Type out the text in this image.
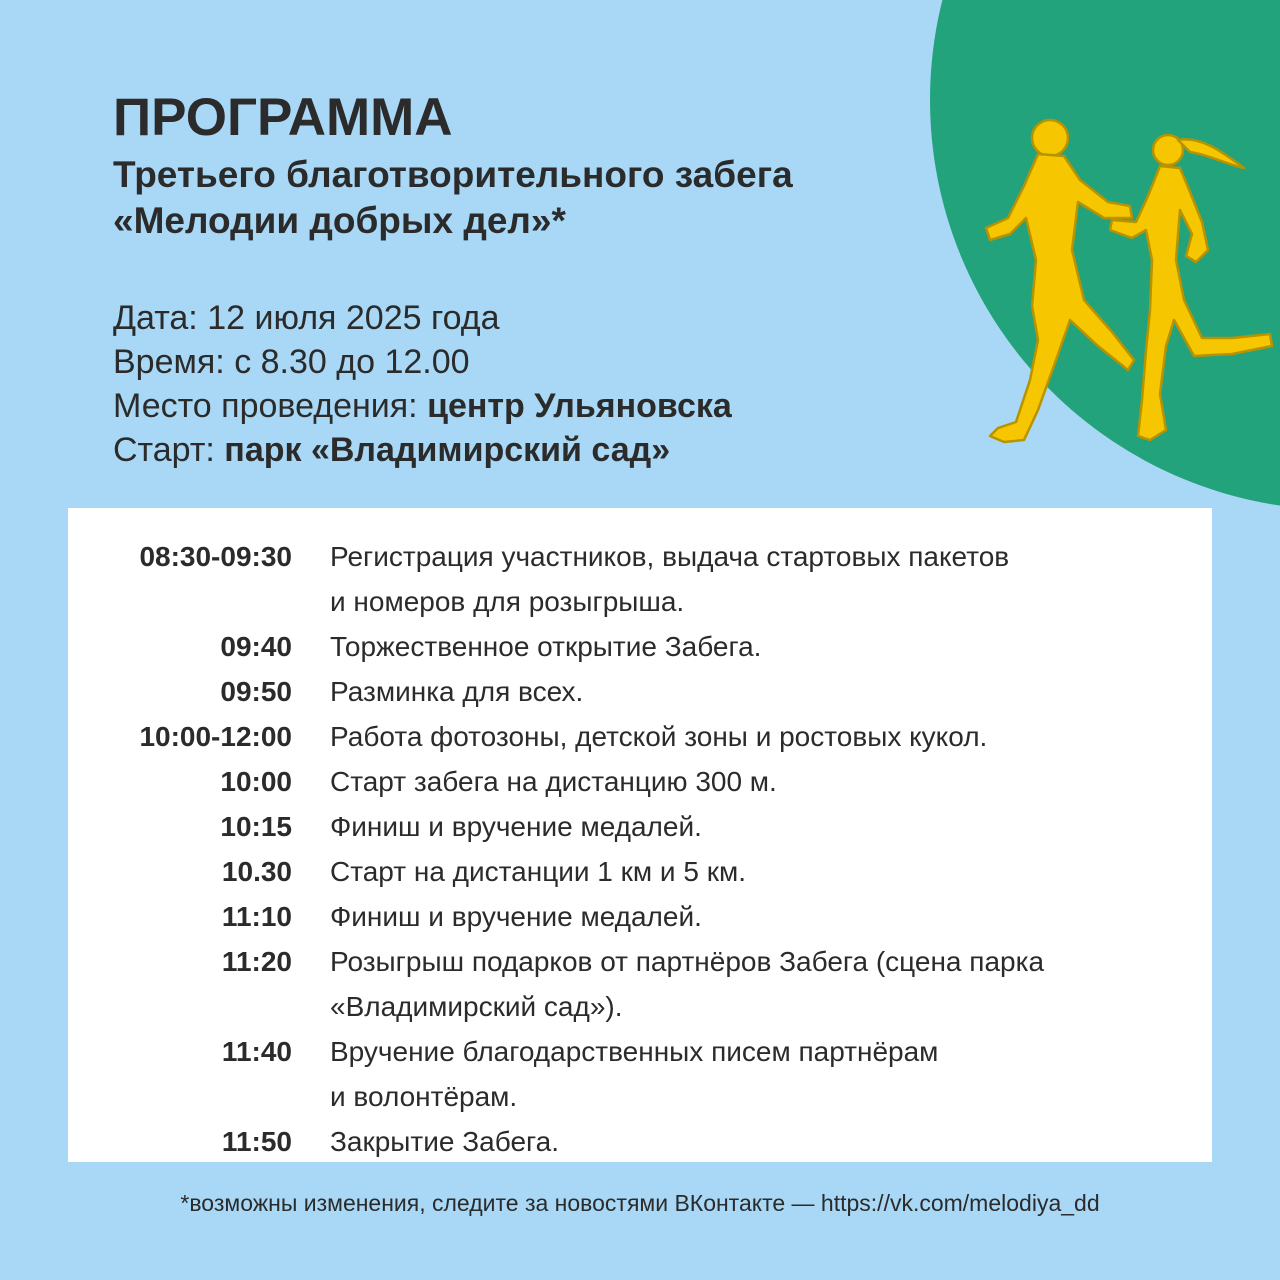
ПРОГРАММА
Третьего благотворительного забега
«Мелодии добрых дел»*
Дата: 12 июля 2025 года
Время: с 8.30 до 12.00
Место проведения: центр Ульяновска
Старт: парк «Владимирский сад»
08:30-09:30 Регистрация участников, выдача стартовых пакетов
и номеров для розыгрыша.
09:40 Торжественное открытие Забега.
09:50 Разминка для всех.
10:00-12:00 Работа фотозоны, детской зоны и ростовых кукол.
10:00 Старт забега на дистанцию 300 м.
10:15 Финиш и вручение медалей.
10.30 Старт на дистанции 1 км и 5 км.
11:10 Финиш и вручение медалей.
11:20 Розыгрыш подарков от партнёров Забега (сцена парка
«Владимирский сад»).
11:40 Вручение благодарственных писем партнёрам
и волонтёрам.
11:50 Закрытие Забега.
*возможны изменения, следите за новостями ВКонтакте — https://vk.com/melodiya_dd
